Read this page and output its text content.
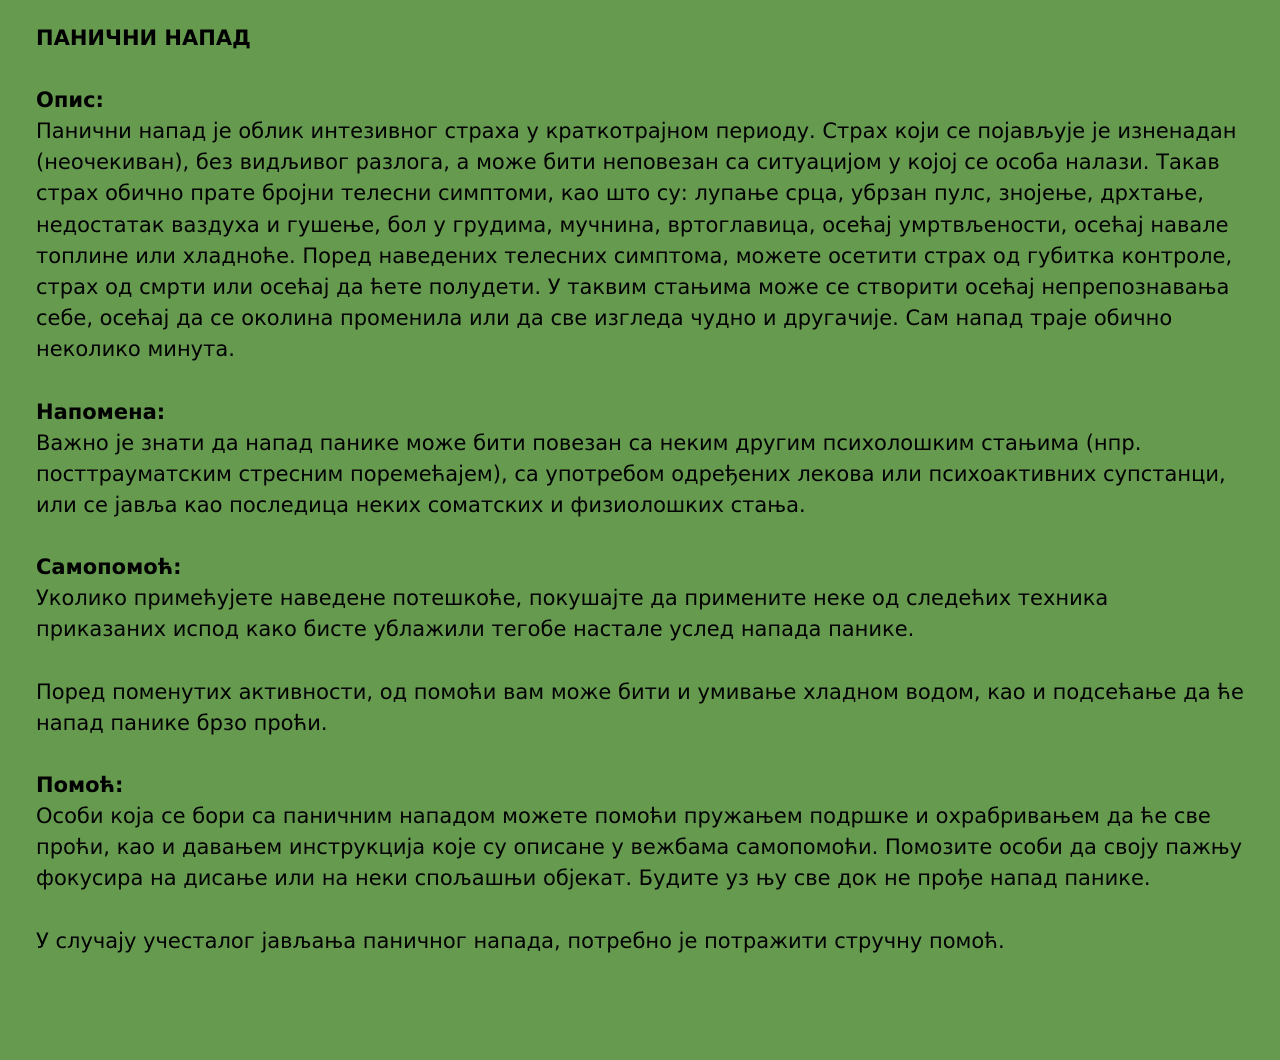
ПАНИЧНИ НАПАД
Опис:
Панични напад је облик интезивног страха у краткотрајном периоду. Страх који се појављује је изненадан (неочекиван), без видљивог разлога, а може бити неповезан са ситуацијом у којој се особа налази. Такав страх обично прате бројни телесни симптоми, као што су: лупање срца, убрзан пулс, знојење, дрхтање, недостатак ваздуха и гушење, бол у грудима, мучнина, вртоглавица, осећај умртвљености, осећај навале топлине или хладноће. Поред наведених телесних симптома, можете осетити страх од губитка контроле, страх од смрти или осећај да ћете полудети. У таквим стањима може се створити осећај непрепознавања себе, осећај да се околина променила или да све изгледа чудно и другачије. Сам напад траје обично неколико минута.
Напомена:
Важно је знати да напад панике може бити повезан са неким другим психолошким стањима (нпр. посттрауматским стресним поремећајем), са употребом одређених лекова или психоактивних супстанци, или се јавља као последица неких соматских и физиолошких стања.
Самопомоћ:
Уколико примећујете наведене потешкоће, покушајте да примените неке од следећих техника приказаних испод како бисте ублажили тегобе настале услед напада панике.
Поред поменутих активности, од помоћи вам може бити и умивање хладном водом, као и подсећање да ће напад панике брзо проћи.
Помоћ:
Особи која се бори са паничним нападом можете помоћи пружањем подршке и охрабривањем да ће све проћи, као и давањем инструкција које су описане у вежбама самопомоћи. Помозите особи да своју пажњу фокусира на дисање или на неки спољашњи објекат. Будите уз њу све док не прође напад панике.
У случају учесталог јављања паничног напада, потребно је потражити стручну помоћ.
